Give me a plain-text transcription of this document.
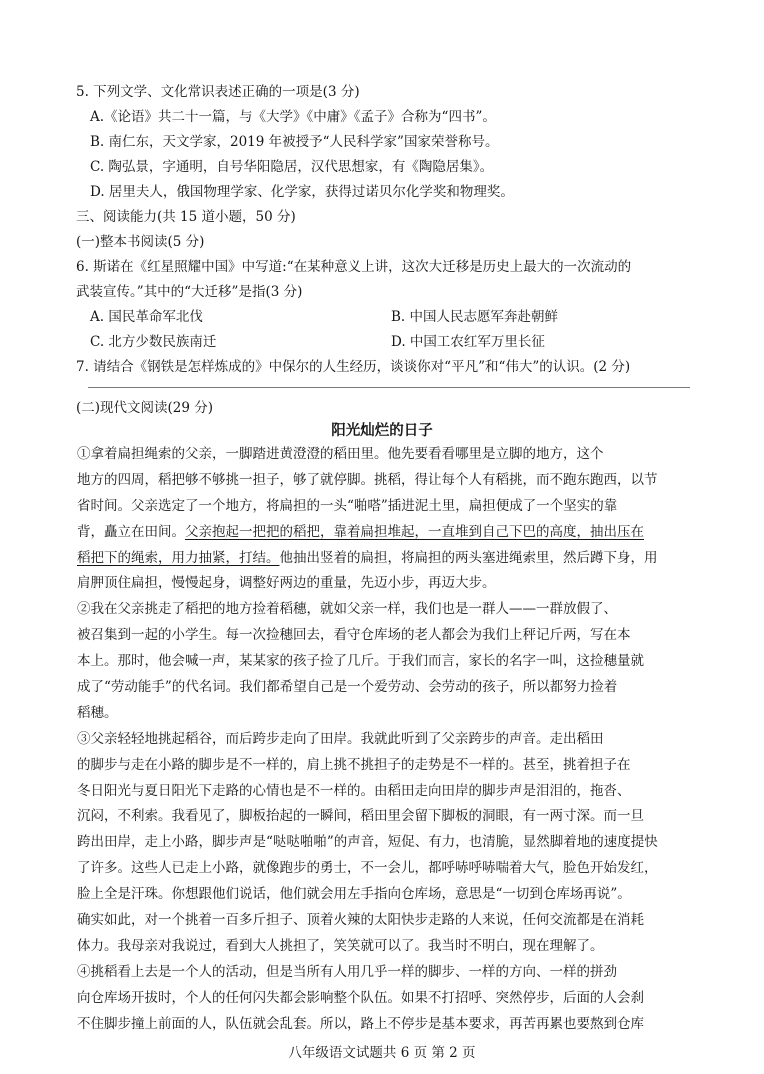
5. 下列文学、文化常识表述正确的一项是(3 分)
A.《论语》共二十一篇，与《大学》《中庸》《孟子》合称为“四书”。
B. 南仁东，天文学家，2019 年被授予“人民科学家”国家荣誉称号。
C. 陶弘景，字通明，自号华阳隐居，汉代思想家，有《陶隐居集》。
D. 居里夫人，俄国物理学家、化学家，获得过诺贝尔化学奖和物理奖。
三、阅读能力(共 15 道小题，50 分)
(一)整本书阅读(5 分)
6. 斯诺在《红星照耀中国》中写道:“在某种意义上讲，这次大迁移是历史上最大的一次流动的
武装宣传。”其中的“大迁移”是指(3 分)
A. 国民革命军北伐	B. 中国人民志愿军奔赴朝鲜
C. 北方少数民族南迁	D. 中国工农红军万里长征
7. 请结合《钢铁是怎样炼成的》中保尔的人生经历，谈谈你对“平凡”和“伟大”的认识。(2 分)
(二)现代文阅读(29 分)
阳光灿烂的日子
①拿着扁担绳索的父亲，一脚踏进黄澄澄的稻田里。他先要看看哪里是立脚的地方，这个
地方的四周，稻把够不够挑一担子，够了就停脚。挑稻，得让每个人有稻挑，而不跑东跑西，以节
省时间。父亲选定了一个地方，将扁担的一头“啪嗒”插进泥土里，扁担便成了一个坚实的靠
背，矗立在田间。父亲抱起一把把的稻把，靠着扁担堆起，一直堆到自己下巴的高度，抽出压在
稻把下的绳索，用力抽紧，打结。他抽出竖着的扁担，将扁担的两头塞进绳索里，然后蹲下身，用
肩胛顶住扁担，慢慢起身，调整好两边的重量，先迈小步，再迈大步。
②我在父亲挑走了稻把的地方捡着稻穗，就如父亲一样，我们也是一群人——一群放假了、
被召集到一起的小学生。每一次捡穗回去，看守仓库场的老人都会为我们上秤记斤两，写在本
本上。那时，他会喊一声，某某家的孩子捡了几斤。于我们而言，家长的名字一叫，这捡穗量就
成了“劳动能手”的代名词。我们都希望自己是一个爱劳动、会劳动的孩子，所以都努力捡着
稻穗。
③父亲轻轻地挑起稻谷，而后跨步走向了田岸。我就此听到了父亲跨步的声音。走出稻田
的脚步与走在小路的脚步是不一样的，肩上挑不挑担子的走势是不一样的。甚至，挑着担子在
冬日阳光与夏日阳光下走路的心情也是不一样的。由稻田走向田岸的脚步声是泪泪的，拖沓、
沉闷，不利索。我看见了，脚板抬起的一瞬间，稻田里会留下脚板的洞眼，有一两寸深。而一旦
跨出田岸，走上小路，脚步声是“哒哒啪啪”的声音，短促、有力，也清脆，显然脚着地的速度提快
了许多。这些人已走上小路，就像跑步的勇士，不一会儿，都呼哧呼哧喘着大气，脸色开始发红，
脸上全是汗珠。你想跟他们说话，他们就会用左手指向仓库场，意思是“一切到仓库场再说”。
确实如此，对一个挑着一百多斤担子、顶着火辣的太阳快步走路的人来说，任何交流都是在消耗
体力。我母亲对我说过，看到大人挑担了，笑笑就可以了。我当时不明白，现在理解了。
④挑稻看上去是一个人的活动，但是当所有人用几乎一样的脚步、一样的方向、一样的拼劲
向仓库场开拔时，个人的任何闪失都会影响整个队伍。如果不打招呼、突然停步，后面的人会刹
不住脚步撞上前面的人，队伍就会乱套。所以，路上不停步是基本要求，再苦再累也要熬到仓库
八年级语文试题共 6 页 第 2 页
